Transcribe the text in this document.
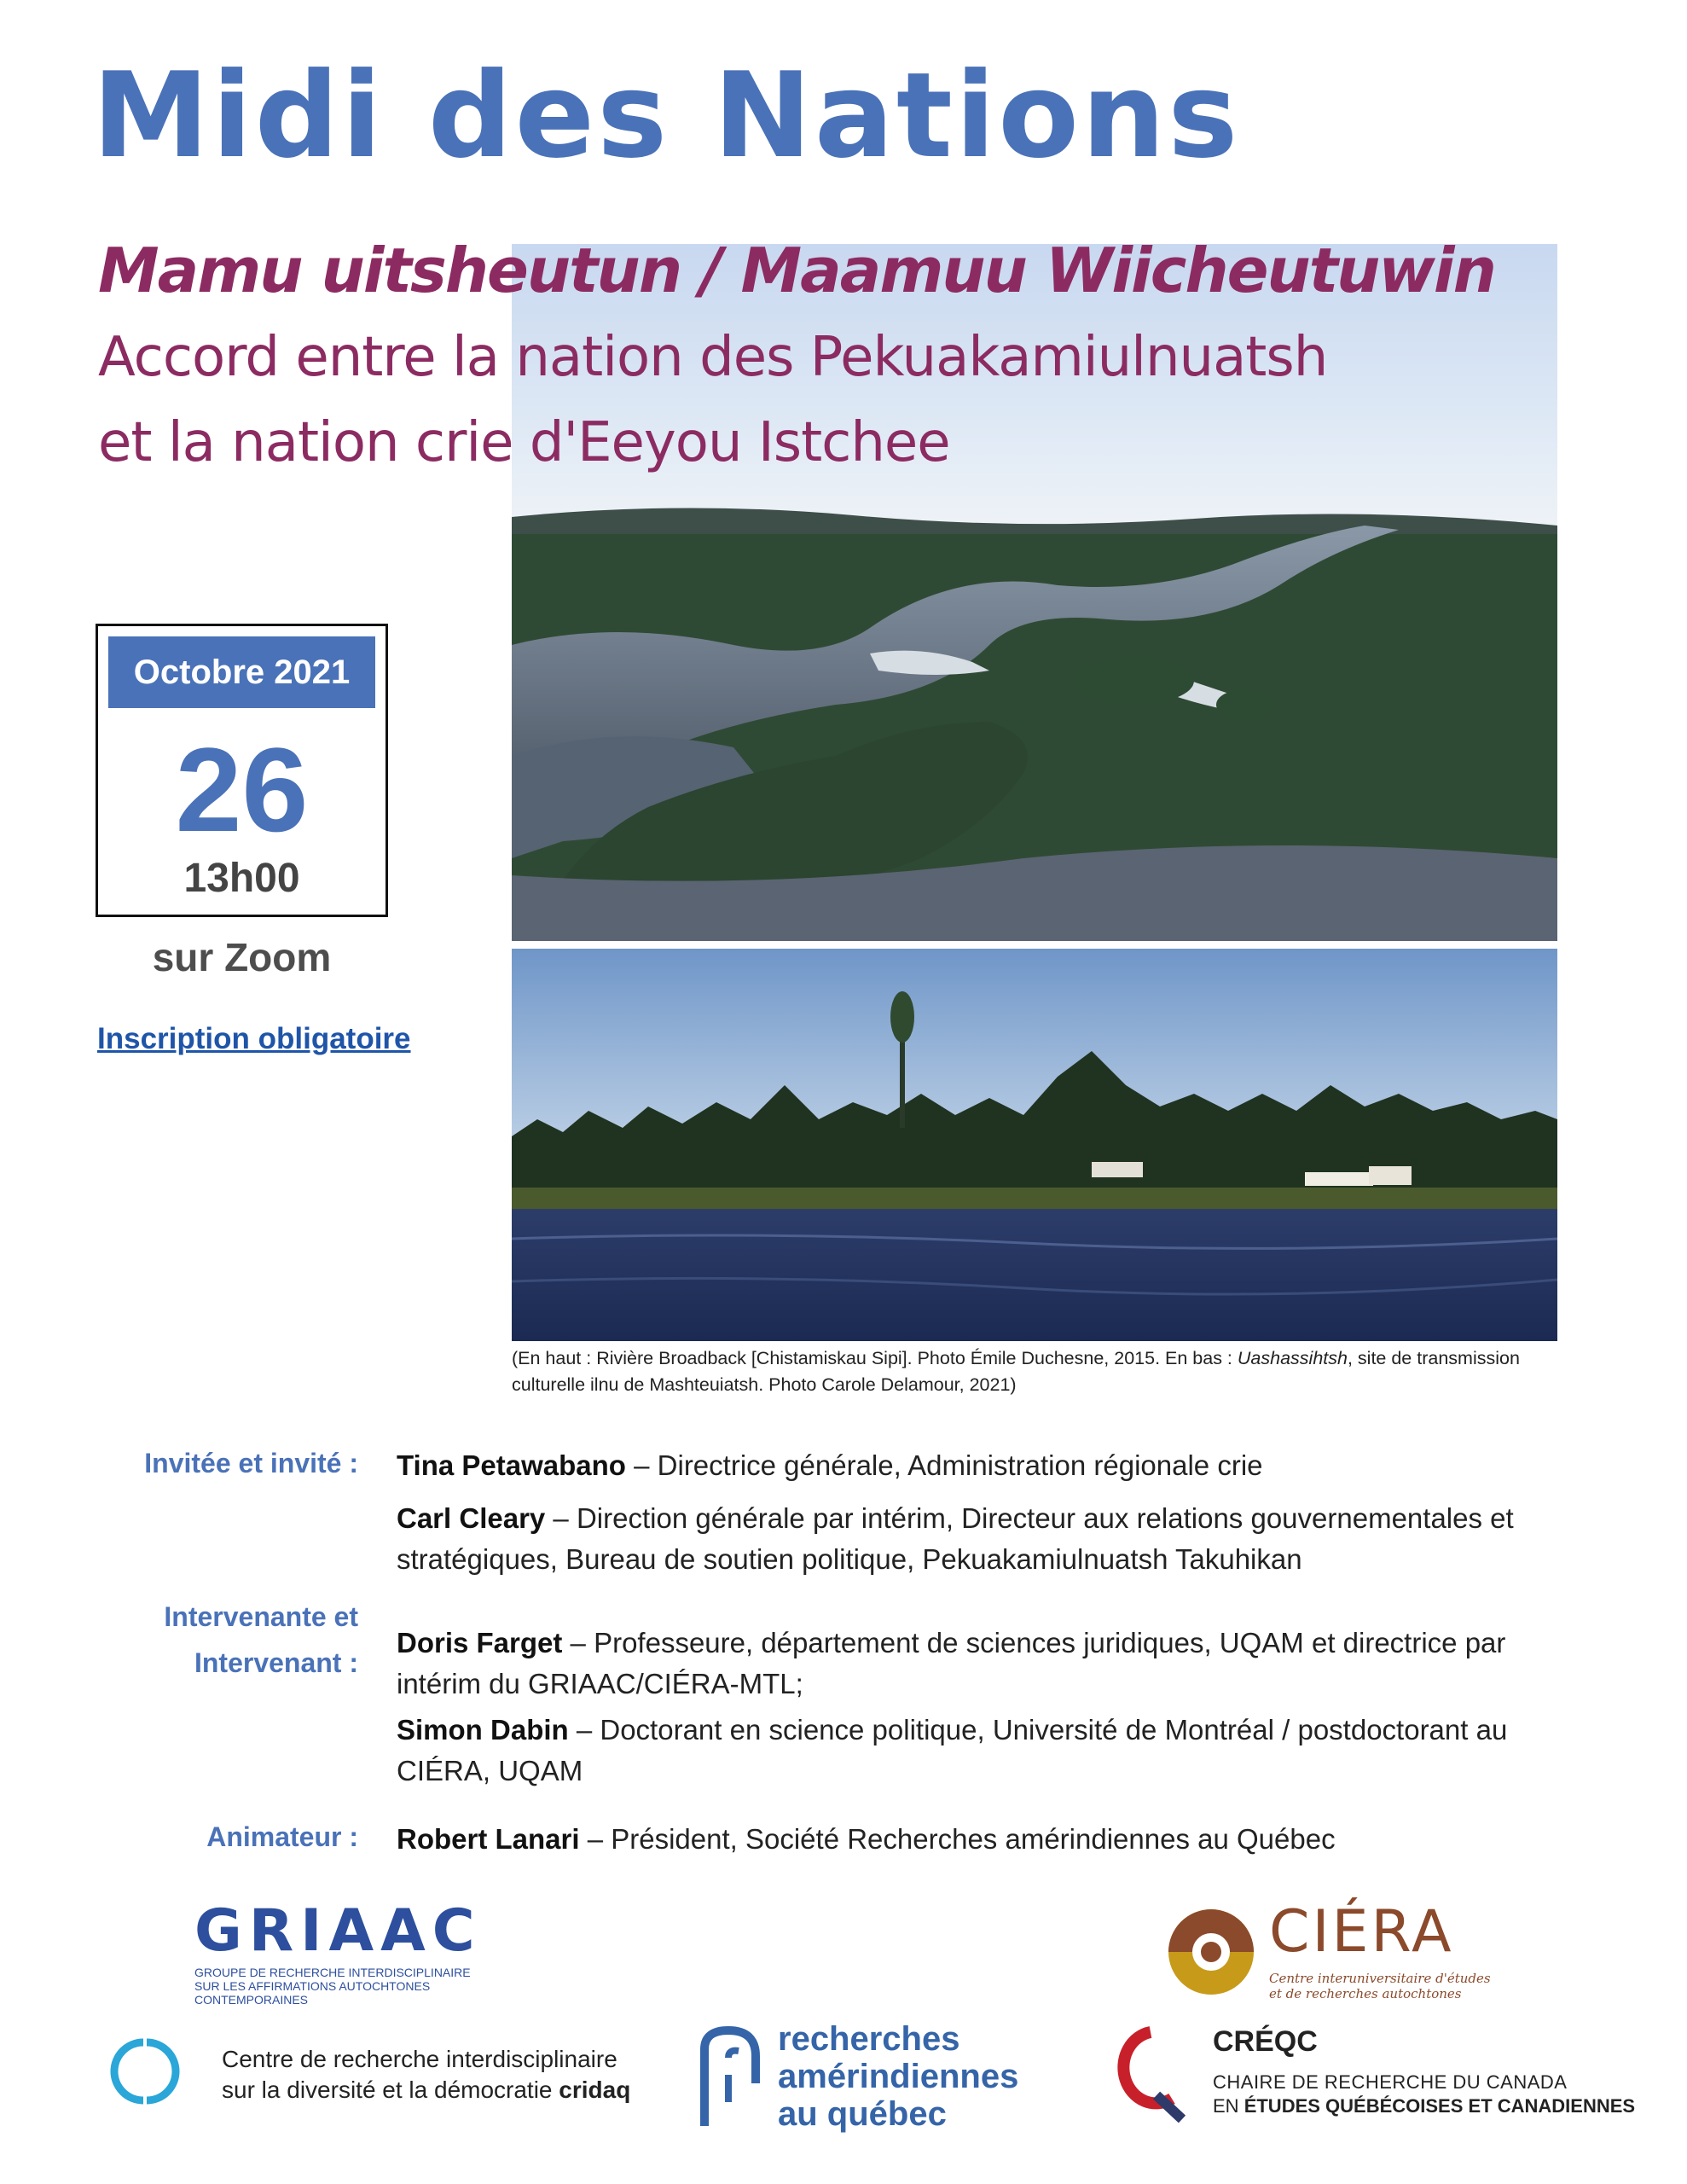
Midi des Nations
Mamu uitsheutun / Maamuu Wiicheutuwin
Accord entre la nation des Pekuakamiulnuatsh
et la nation crie d'Eeyou Istchee
Octobre 2021
26
13h00
sur Zoom
Inscription obligatoire
(En haut : Rivière Broadback [Chistamiskau Sipi]. Photo Émile Duchesne, 2015. En bas : Uashassihtsh, site de transmission culturelle ilnu de Mashteuiatsh. Photo Carole Delamour, 2021)
Invitée et invité :
Intervenante et
Intervenant :
Animateur :
Tina Petawabano – Directrice générale, Administration régionale crie
Carl Cleary – Direction générale par intérim, Directeur aux relations gouvernementales et stratégiques, Bureau de soutien politique, Pekuakamiulnuatsh Takuhikan
Doris Farget – Professeure, département de sciences juridiques, UQAM et directrice par intérim du GRIAAC/CIÉRA-MTL;
Simon Dabin – Doctorant en science politique, Université de Montréal / postdoctorant au CIÉRA, UQAM
Robert Lanari – Président, Société Recherches amérindiennes au Québec
GRIAAC
GROUPE DE RECHERCHE INTERDISCIPLINAIRE
SUR LES AFFIRMATIONS AUTOCHTONES
CONTEMPORAINES
CIÉRA
Centre interuniversitaire d'études
et de recherches autochtones
Centre de recherche interdisciplinaire
sur la diversité et la démocratie cridaq
recherches
amérindiennes
au québec
CRÉQC
CHAIRE DE RECHERCHE DU CANADA
EN ÉTUDES QUÉBÉCOISES ET CANADIENNES
